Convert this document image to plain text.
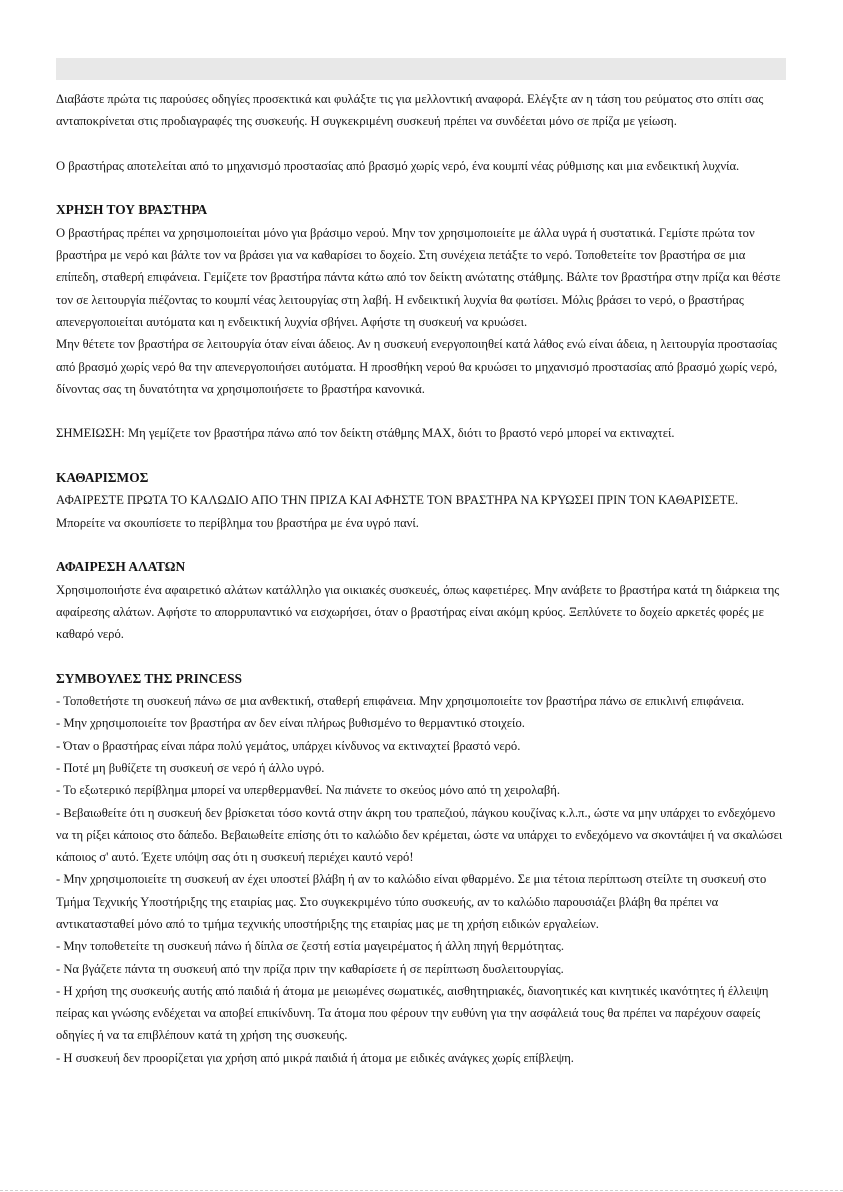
Διαβάστε πρώτα τις παρούσες οδηγίες προσεκτικά και φυλάξτε τις για μελλοντική αναφορά. Ελέγξτε αν η τάση του ρεύματος στο σπίτι σας ανταποκρίνεται στις προδιαγραφές της συσκευής. Η συγκεκριμένη συσκευή πρέπει να συνδέεται μόνο σε πρίζα με γείωση.

Ο βραστήρας αποτελείται από το μηχανισμό προστασίας από βρασμό χωρίς νερό, ένα κουμπί νέας ρύθμισης και μια ενδεικτική λυχνία.

ΧΡΗΣΗ ΤΟΥ ΒΡΑΣΤΗΡΑ

Ο βραστήρας πρέπει να χρησιμοποιείται μόνο για βράσιμο νερού. Μην τον χρησιμοποιείτε με άλλα υγρά ή συστατικά. Γεμίστε πρώτα τον βραστήρα με νερό και βάλτε τον να βράσει για να καθαρίσει το δοχείο. Στη συνέχεια πετάξτε το νερό. Τοποθετείτε τον βραστήρα σε μια επίπεδη, σταθερή επιφάνεια. Γεμίζετε τον βραστήρα πάντα κάτω από τον δείκτη ανώτατης στάθμης. Βάλτε τον βραστήρα στην πρίζα και θέστε τον σε λειτουργία πιέζοντας το κουμπί νέας λειτουργίας στη λαβή. Η ενδεικτική λυχνία θα φωτίσει. Μόλις βράσει το νερό, ο βραστήρας απενεργοποιείται αυτόματα και η ενδεικτική λυχνία σβήνει. Αφήστε τη συσκευή να κρυώσει.

Μην θέτετε τον βραστήρα σε λειτουργία όταν είναι άδειος. Αν η συσκευή ενεργοποιηθεί κατά λάθος ενώ είναι άδεια, η λειτουργία προστασίας από βρασμό χωρίς νερό θα την απενεργοποιήσει αυτόματα. Η προσθήκη νερού θα κρυώσει το μηχανισμό προστασίας από βρασμό χωρίς νερό, δίνοντας σας τη δυνατότητα να χρησιμοποιήσετε το βραστήρα κανονικά.

ΣΗΜΕΙΩΣΗ: Μη γεμίζετε τον βραστήρα πάνω από τον δείκτη στάθμης MAX, διότι το βραστό νερό μπορεί να εκτιναχτεί.

ΚΑΘΑΡΙΣΜΟΣ

ΑΦΑΙΡΕΣΤΕ ΠΡΩΤΑ ΤΟ ΚΑΛΩΔΙΟ ΑΠΟ ΤΗΝ ΠΡΙΖΑ ΚΑΙ ΑΦΗΣΤΕ ΤΟΝ ΒΡΑΣΤΗΡΑ ΝΑ ΚΡΥΩΣΕΙ ΠΡΙΝ ΤΟΝ ΚΑΘΑΡΙΣΕΤΕ.

Μπορείτε να σκουπίσετε το περίβλημα του βραστήρα με ένα υγρό πανί.

ΑΦΑΙΡΕΣΗ ΑΛΑΤΩΝ

Χρησιμοποιήστε ένα αφαιρετικό αλάτων κατάλληλο για οικιακές συσκευές, όπως καφετιέρες. Μην ανάβετε το βραστήρα κατά τη διάρκεια της αφαίρεσης αλάτων. Αφήστε το απορρυπαντικό να εισχωρήσει, όταν ο βραστήρας είναι ακόμη κρύος. Ξεπλύνετε το δοχείο αρκετές φορές με καθαρό νερό.

ΣΥΜΒΟΥΛΕΣ ΤΗΣ PRINCESS
- Τοποθετήστε τη συσκευή πάνω σε μια ανθεκτική, σταθερή επιφάνεια. Μην χρησιμοποιείτε τον βραστήρα πάνω σε επικλινή επιφάνεια.
- Μην χρησιμοποιείτε τον βραστήρα αν δεν είναι πλήρως βυθισμένο το θερμαντικό στοιχείο.
- Όταν ο βραστήρας είναι πάρα πολύ γεμάτος, υπάρχει κίνδυνος να εκτιναχτεί βραστό νερό.
- Ποτέ μη βυθίζετε τη συσκευή σε νερό ή άλλο υγρό.
- Το εξωτερικό περίβλημα μπορεί να υπερθερμανθεί. Να πιάνετε το σκεύος μόνο από τη χειρολαβή.
- Βεβαιωθείτε ότι η συσκευή δεν βρίσκεται τόσο κοντά στην άκρη του τραπεζιού, πάγκου κουζίνας κ.λ.π., ώστε να μην υπάρχει το ενδεχόμενο να τη ρίξει κάποιος στο δάπεδο. Βεβαιωθείτε επίσης ότι το καλώδιο δεν κρέμεται, ώστε να υπάρχει το ενδεχόμενο να σκοντάψει ή να σκαλώσει κάποιος σ' αυτό. Έχετε υπόψη σας ότι η συσκευή περιέχει καυτό νερό!
- Μην χρησιμοποιείτε τη συσκευή αν έχει υποστεί βλάβη ή αν το καλώδιο είναι φθαρμένο. Σε μια τέτοια περίπτωση στείλτε τη συσκευή στο Τμήμα Τεχνικής Υποστήριξης της εταιρίας μας. Στο συγκεκριμένο τύπο συσκευής, αν το καλώδιο παρουσιάζει βλάβη θα πρέπει να αντικατασταθεί μόνο από το τμήμα τεχνικής υποστήριξης της εταιρίας μας με τη χρήση ειδικών εργαλείων.
- Μην τοποθετείτε τη συσκευή πάνω ή δίπλα σε ζεστή εστία μαγειρέματος ή άλλη πηγή θερμότητας.
- Να βγάζετε πάντα τη συσκευή από την πρίζα πριν την καθαρίσετε ή σε περίπτωση δυσλειτουργίας.
- Η χρήση της συσκευής αυτής από παιδιά ή άτομα με μειωμένες σωματικές, αισθητηριακές, διανοητικές και κινητικές ικανότητες ή έλλειψη πείρας και γνώσης ενδέχεται να αποβεί επικίνδυνη. Τα άτομα που φέρουν την ευθύνη για την ασφάλειά τους θα πρέπει να παρέχουν σαφείς οδηγίες ή να τα επιβλέπουν κατά τη χρήση της συσκευής.
- Η συσκευή δεν προορίζεται για χρήση από μικρά παιδιά ή άτομα με ειδικές ανάγκες χωρίς επίβλεψη.
